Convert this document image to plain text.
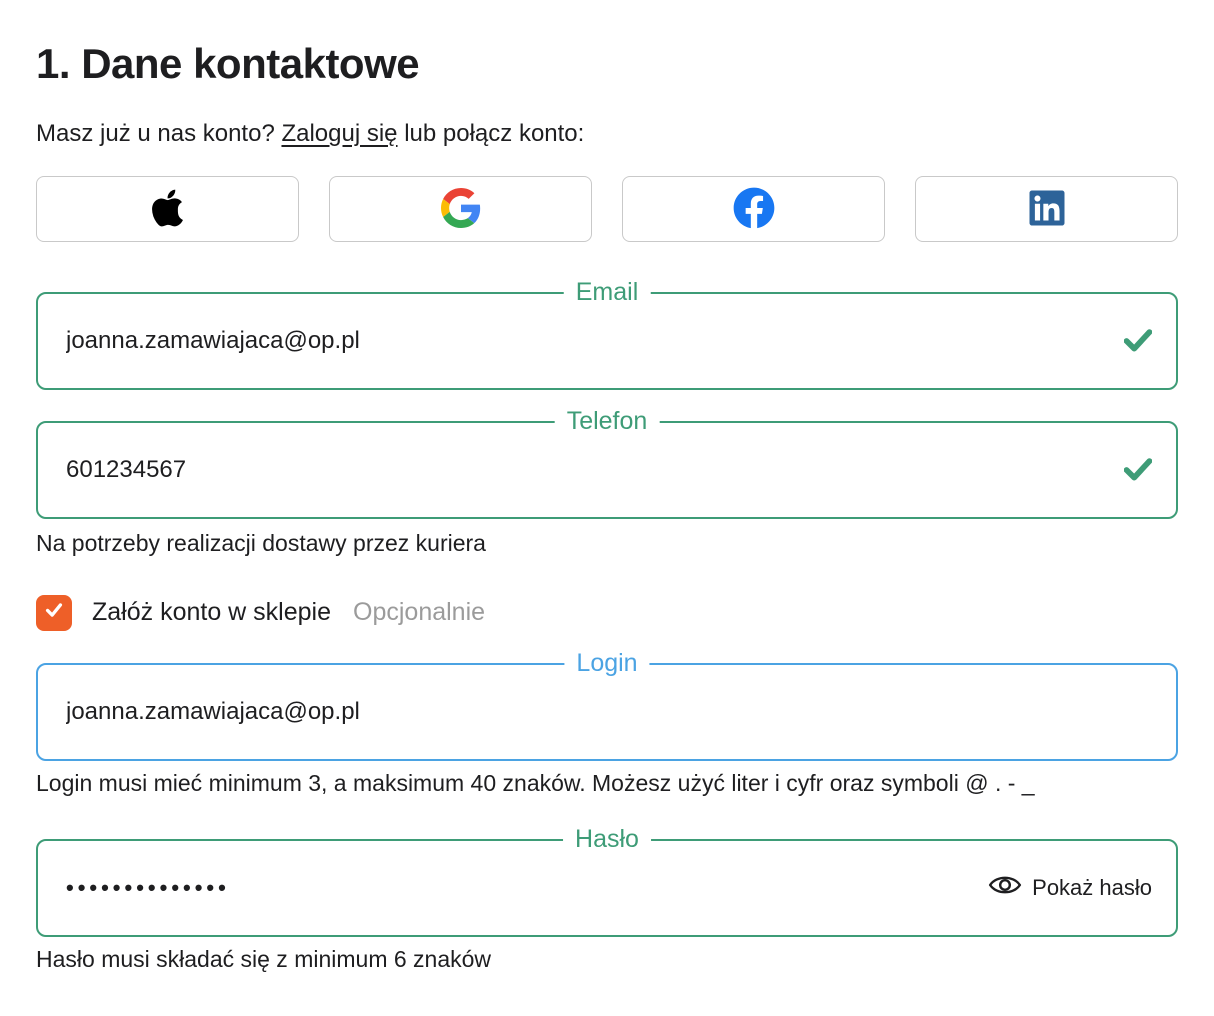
1. Dane kontaktowe

Masz już u nas konto? Zaloguj się lub połącz konto:

Email
joanna.zamawiajaca@op.pl
Telefon
601234567

Na potrzeby realizacji dostawy przez kuriera

Załóż konto w sklepie Opcjonalnie
Login
joanna.zamawiajaca@op.pl

Login musi mieć minimum 3, a maksimum 40 znaków. Możesz użyć liter i cyfr oraz symboli @ . - _

Hasło
••••••••••••••
Pokaż hasło

Hasło musi składać się z minimum 6 znaków
